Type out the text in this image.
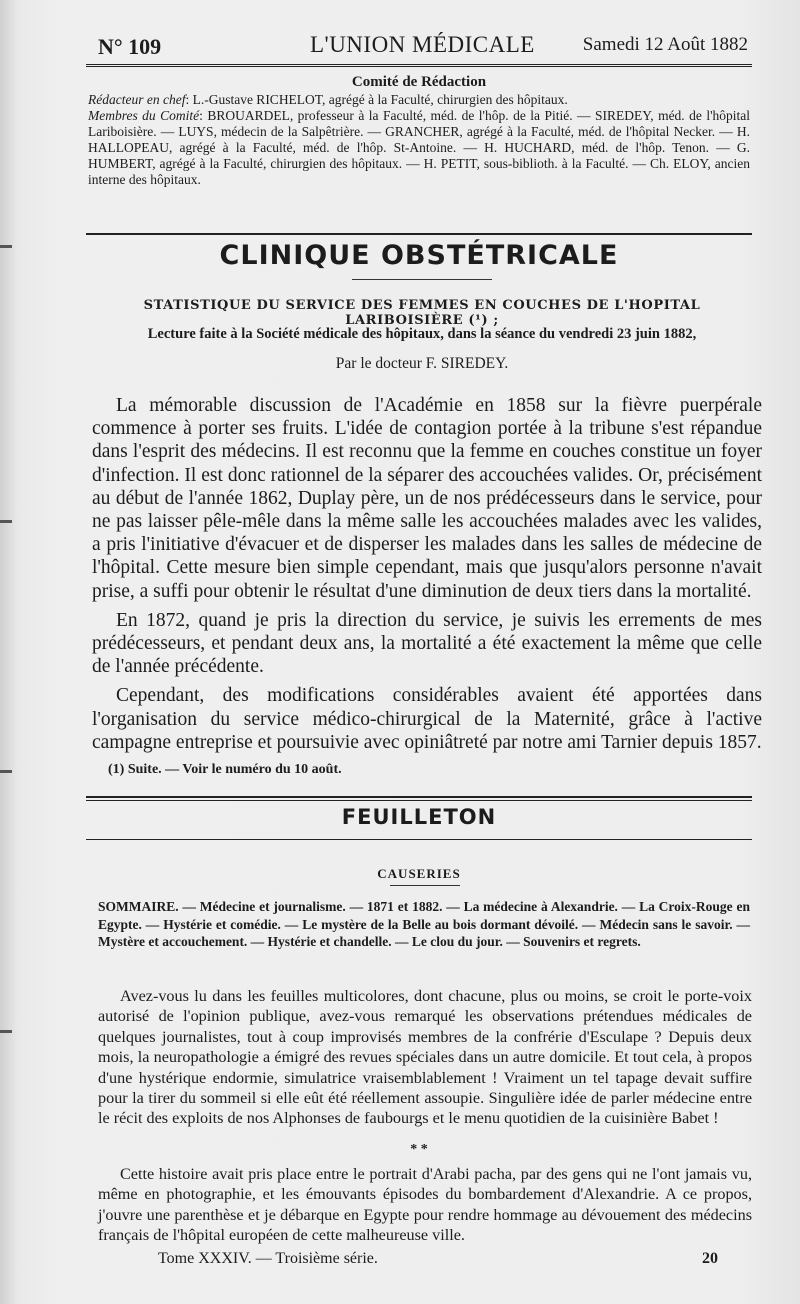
N° 109	L'UNION MÉDICALE	Samedi 12 Août 1882
Comité de Rédaction

Rédacteur en chef: L.-Gustave RICHELOT, agrégé à la Faculté, chirurgien des hôpitaux.

Membres du Comité: BROUARDEL, professeur à la Faculté, méd. de l'hôp. de la Pitié. — SIREDEY, méd. de l'hôpital Lariboisière. — LUYS, médecin de la Salpêtrière. — GRANCHER, agrégé à la Faculté, méd. de l'hôpital Necker. — H. HALLOPEAU, agrégé à la Faculté, méd. de l'hôp. St-Antoine. — H. HUCHARD, méd. de l'hôp. Tenon. — G. HUMBERT, agrégé à la Faculté, chirurgien des hôpitaux. — H. PETIT, sous-biblioth. à la Faculté. — Ch. ELOY, ancien interne des hôpitaux.

CLINIQUE OBSTÉTRICALE
STATISTIQUE DU SERVICE DES FEMMES EN COUCHES DE L'HOPITAL LARIBOISIÈRE (¹) ;
Lecture faite à la Société médicale des hôpitaux, dans la séance du vendredi 23 juin 1882,
Par le docteur F. SIREDEY.

La mémorable discussion de l'Académie en 1858 sur la fièvre puerpérale commence à porter ses fruits. L'idée de contagion portée à la tribune s'est répandue dans l'esprit des médecins. Il est reconnu que la femme en couches constitue un foyer d'infection. Il est donc rationnel de la séparer des accouchées valides. Or, précisément au début de l'année 1862, Duplay père, un de nos prédécesseurs dans le service, pour ne pas laisser pêle-mêle dans la même salle les accouchées malades avec les valides, a pris l'initiative d'évacuer et de disperser les malades dans les salles de médecine de l'hôpital. Cette mesure bien simple cependant, mais que jusqu'alors personne n'avait prise, a suffi pour obtenir le résultat d'une diminution de deux tiers dans la mortalité.

En 1872, quand je pris la direction du service, je suivis les errements de mes prédécesseurs, et pendant deux ans, la mortalité a été exactement la même que celle de l'année précédente.

Cependant, des modifications considérables avaient été apportées dans l'organisation du service médico-chirurgical de la Maternité, grâce à l'active campagne entreprise et poursuivie avec opiniâtreté par notre ami Tarnier depuis 1857.

(1) Suite. — Voir le numéro du 10 août.
FEUILLETON
CAUSERIES
SOMMAIRE. — Médecine et journalisme. — 1871 et 1882. — La médecine à Alexandrie. — La Croix-Rouge en Egypte. — Hystérie et comédie. — Le mystère de la Belle au bois dormant dévoilé. — Médecin sans le savoir. — Mystère et accouchement. — Hystérie et chandelle. — Le clou du jour. — Souvenirs et regrets.

Avez-vous lu dans les feuilles multicolores, dont chacune, plus ou moins, se croit le porte-voix autorisé de l'opinion publique, avez-vous remarqué les observations prétendues médicales de quelques journalistes, tout à coup improvisés membres de la confrérie d'Esculape ? Depuis deux mois, la neuropathologie a émigré des revues spéciales dans un autre domicile. Et tout cela, à propos d'une hystérique endormie, simulatrice vraisemblablement ! Vraiment un tel tapage devait suffire pour la tirer du sommeil si elle eût été réellement assoupie. Singulière idée de parler médecine entre le récit des exploits de nos Alphonses de faubourgs et le menu quotidien de la cuisinière Babet !

* *

Cette histoire avait pris place entre le portrait d'Arabi pacha, par des gens qui ne l'ont jamais vu, même en photographie, et les émouvants épisodes du bombardement d'Alexandrie. A ce propos, j'ouvre une parenthèse et je débarque en Egypte pour rendre hommage au dévouement des médecins français de l'hôpital européen de cette malheureuse ville.

Tome XXXIV. — Troisième série.	20
